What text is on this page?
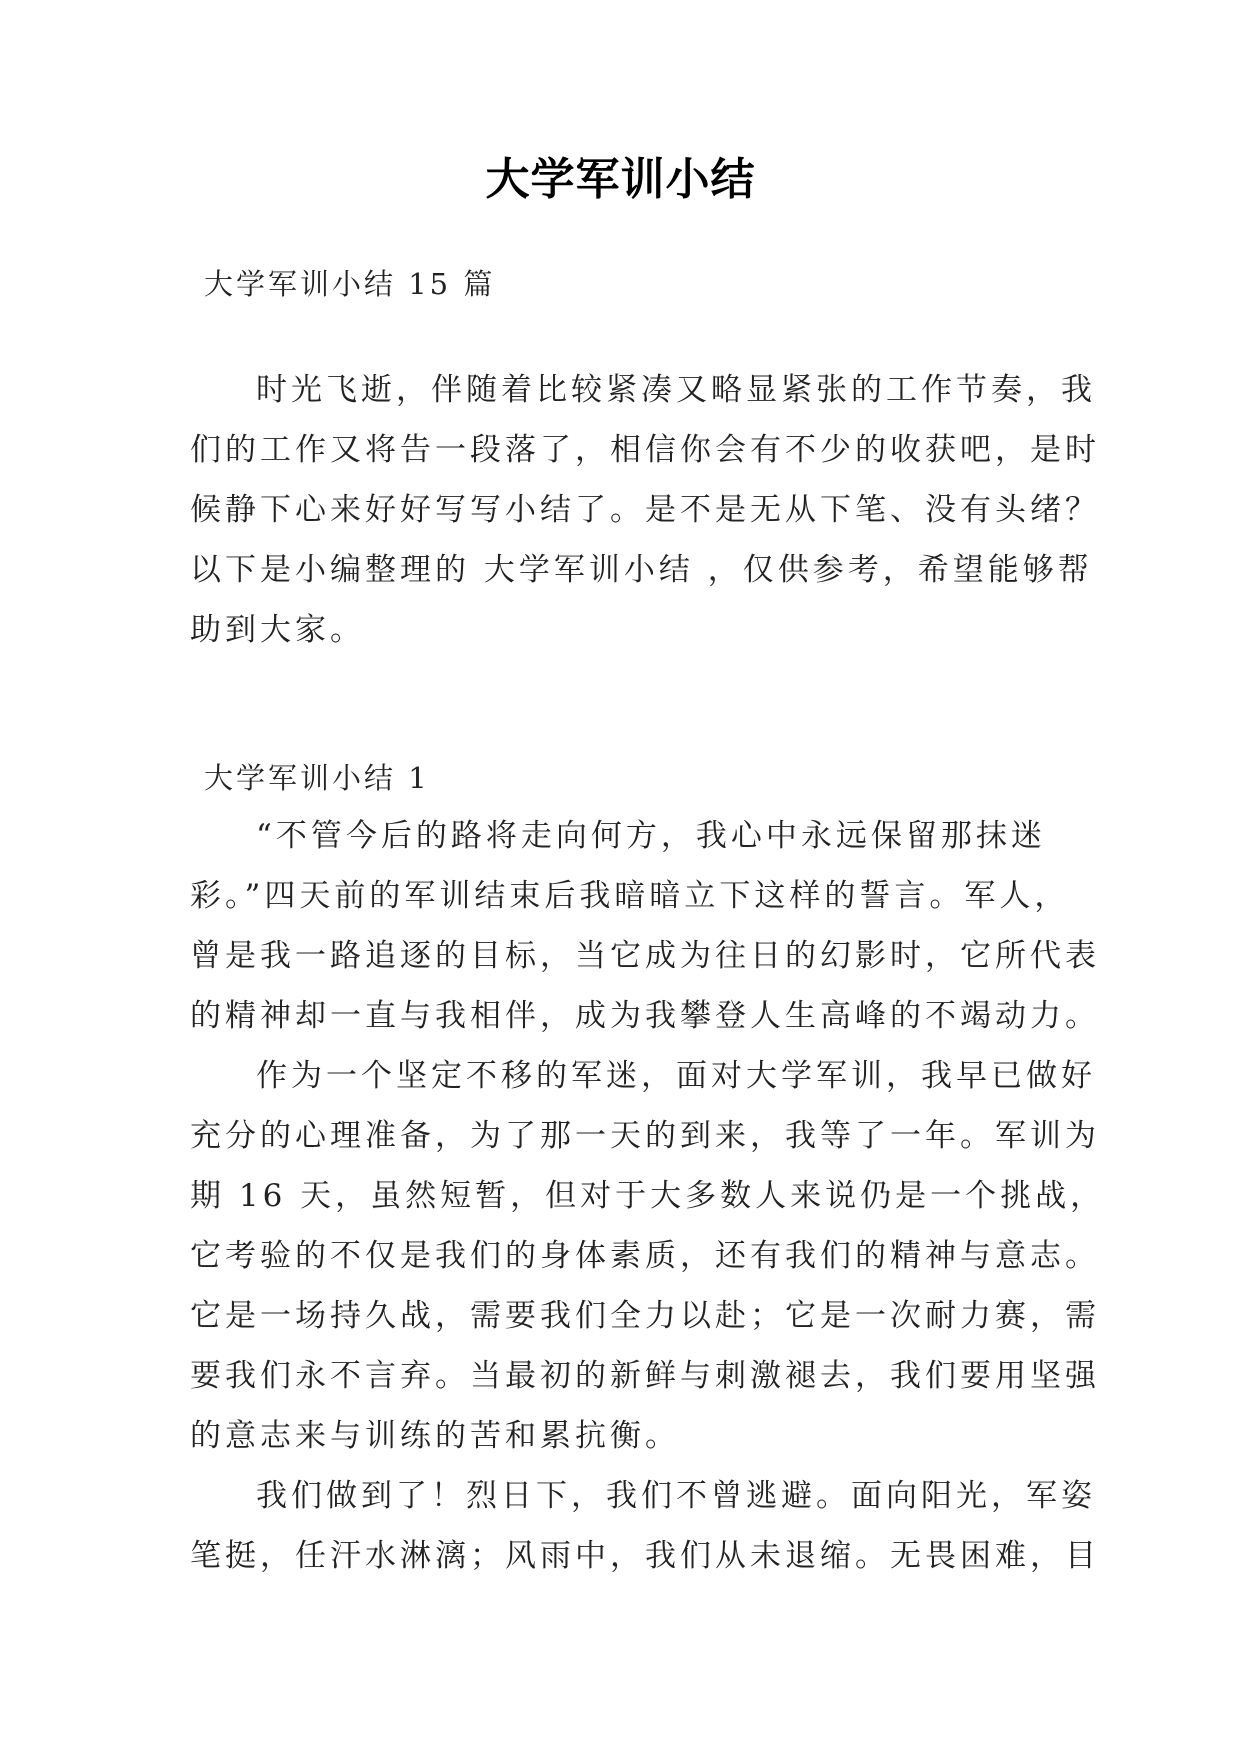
大学军训小结
大学军训小结 15 篇
时光飞逝，伴随着比较紧凑又略显紧张的工作节奏，我
们的工作又将告一段落了，相信你会有不少的收获吧，是时
候静下心来好好写写小结了。是不是无从下笔、没有头绪？
以下是小编整理的 大学军训小结 ，仅供参考，希望能够帮
助到大家。
大学军训小结 1
“不管今后的路将走向何方，我心中永远保留那抹迷
彩。”四天前的军训结束后我暗暗立下这样的誓言。军人，
曾是我一路追逐的目标，当它成为往日的幻影时，它所代表
的精神却一直与我相伴，成为我攀登人生高峰的不竭动力。
作为一个坚定不移的军迷，面对大学军训，我早已做好
充分的心理准备，为了那一天的到来，我等了一年。军训为
期 16 天，虽然短暂，但对于大多数人来说仍是一个挑战，
它考验的不仅是我们的身体素质，还有我们的精神与意志。
它是一场持久战，需要我们全力以赴；它是一次耐力赛，需
要我们永不言弃。当最初的新鲜与刺激褪去，我们要用坚强
的意志来与训练的苦和累抗衡。
我们做到了！烈日下，我们不曾逃避。面向阳光，军姿
笔挺，任汗水淋漓；风雨中，我们从未退缩。无畏困难，目
